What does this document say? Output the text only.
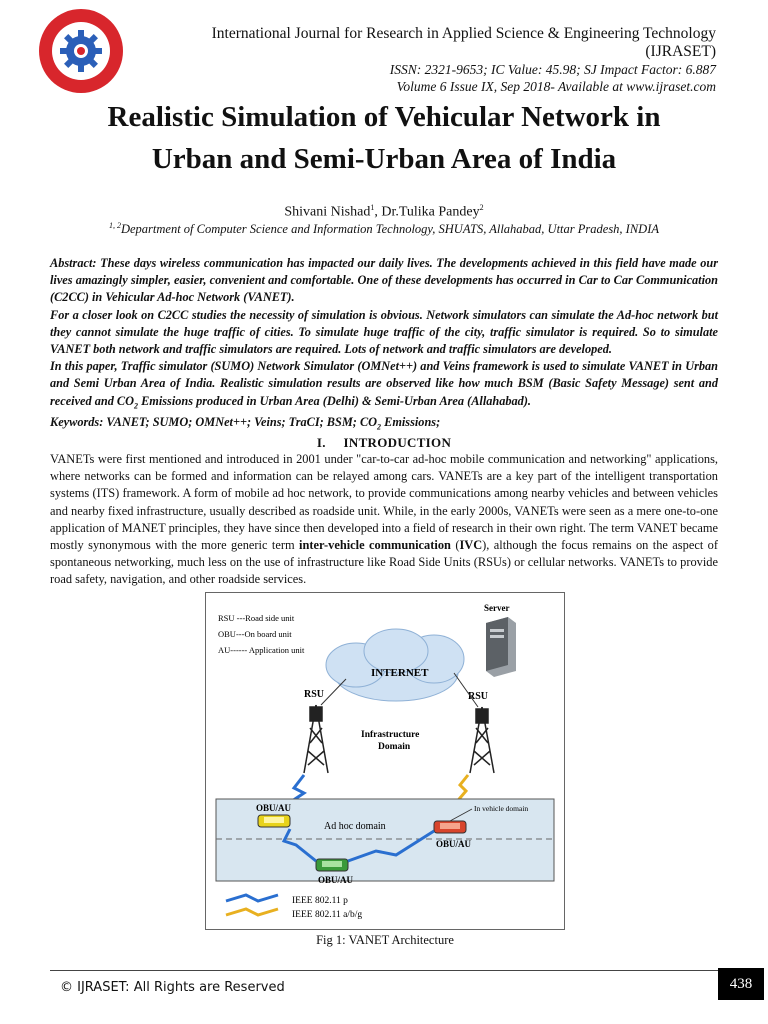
International Journal for Research in Applied Science & Engineering Technology (IJRASET)
ISSN: 2321-9653; IC Value: 45.98; SJ Impact Factor: 6.887
Volume 6 Issue IX, Sep 2018- Available at www.ijraset.com
Realistic Simulation of Vehicular Network in
Urban and Semi-Urban Area of India
Shivani Nishad$^1$, Dr.Tulika Pandey$^2$
$^{1, 2}$Department of Computer Science and Information Technology, SHUATS, Allahabad, Uttar Pradesh, INDIA

Abstract: These days wireless communication has impacted our daily lives. The developments achieved in this field have made our lives amazingly simpler, easier, convenient and comfortable. One of these developments has occurred in Car to Car Communication (C2CC) in Vehicular Ad-hoc Network (VANET).

For a closer look on C2CC studies the necessity of simulation is obvious. Network simulators can simulate the Ad-hoc network but they cannot simulate the huge traffic of cities. To simulate huge traffic of the city, traffic simulator is required. So to simulate VANET both network and traffic simulators are required. Lots of network and traffic simulators are developed.

In this paper, Traffic simulator (SUMO) Network Simulator (OMNet++) and Veins framework is used to simulate VANET in Urban and Semi Urban Area of India. Realistic simulation results are observed like how much BSM (Basic Safety Message) sent and received and $CO_2$ Emissions produced in Urban Area (Delhi) & Semi-Urban Area (Allahabad).

Keywords: VANET; SUMO; OMNet++; Veins; TraCI; BSM; $CO_2$ Emissions;

I.     INTRODUCTION

VANETs were first mentioned and introduced in 2001 under "car-to-car ad-hoc mobile communication and networking" applications, where networks can be formed and information can be relayed among cars. VANETs are a key part of the intelligent transportation systems (ITS) framework. A form of mobile ad hoc network, to provide communications among nearby vehicles and between vehicles and nearby fixed infrastructure, usually described as roadside unit. While, in the early 2000s, VANETs were seen as a mere one-to-one application of MANET principles, they have since then developed into a field of research in their own right. The term VANET became mostly synonymous with the more generic term inter-vehicle communication (IVC), although the focus remains on the aspect of spontaneous networking, much less on the use of infrastructure like Road Side Units (RSUs) or cellular networks. VANETs to provide road safety, navigation, and other roadside services.

RSU ---Road side unit
OBU---On board unit
AU------ Application unit
Server
INTERNET
RSU	RSU
Infrastructure
Domain
OBU/AU
OBU/AU
OBU/AU
In vehicle domain
Ad hoc domain
IEEE 802.11 p
IEEE 802.11 a/b/g
Fig 1: VANET Architecture
© IJRASET: All Rights are Reserved	438
